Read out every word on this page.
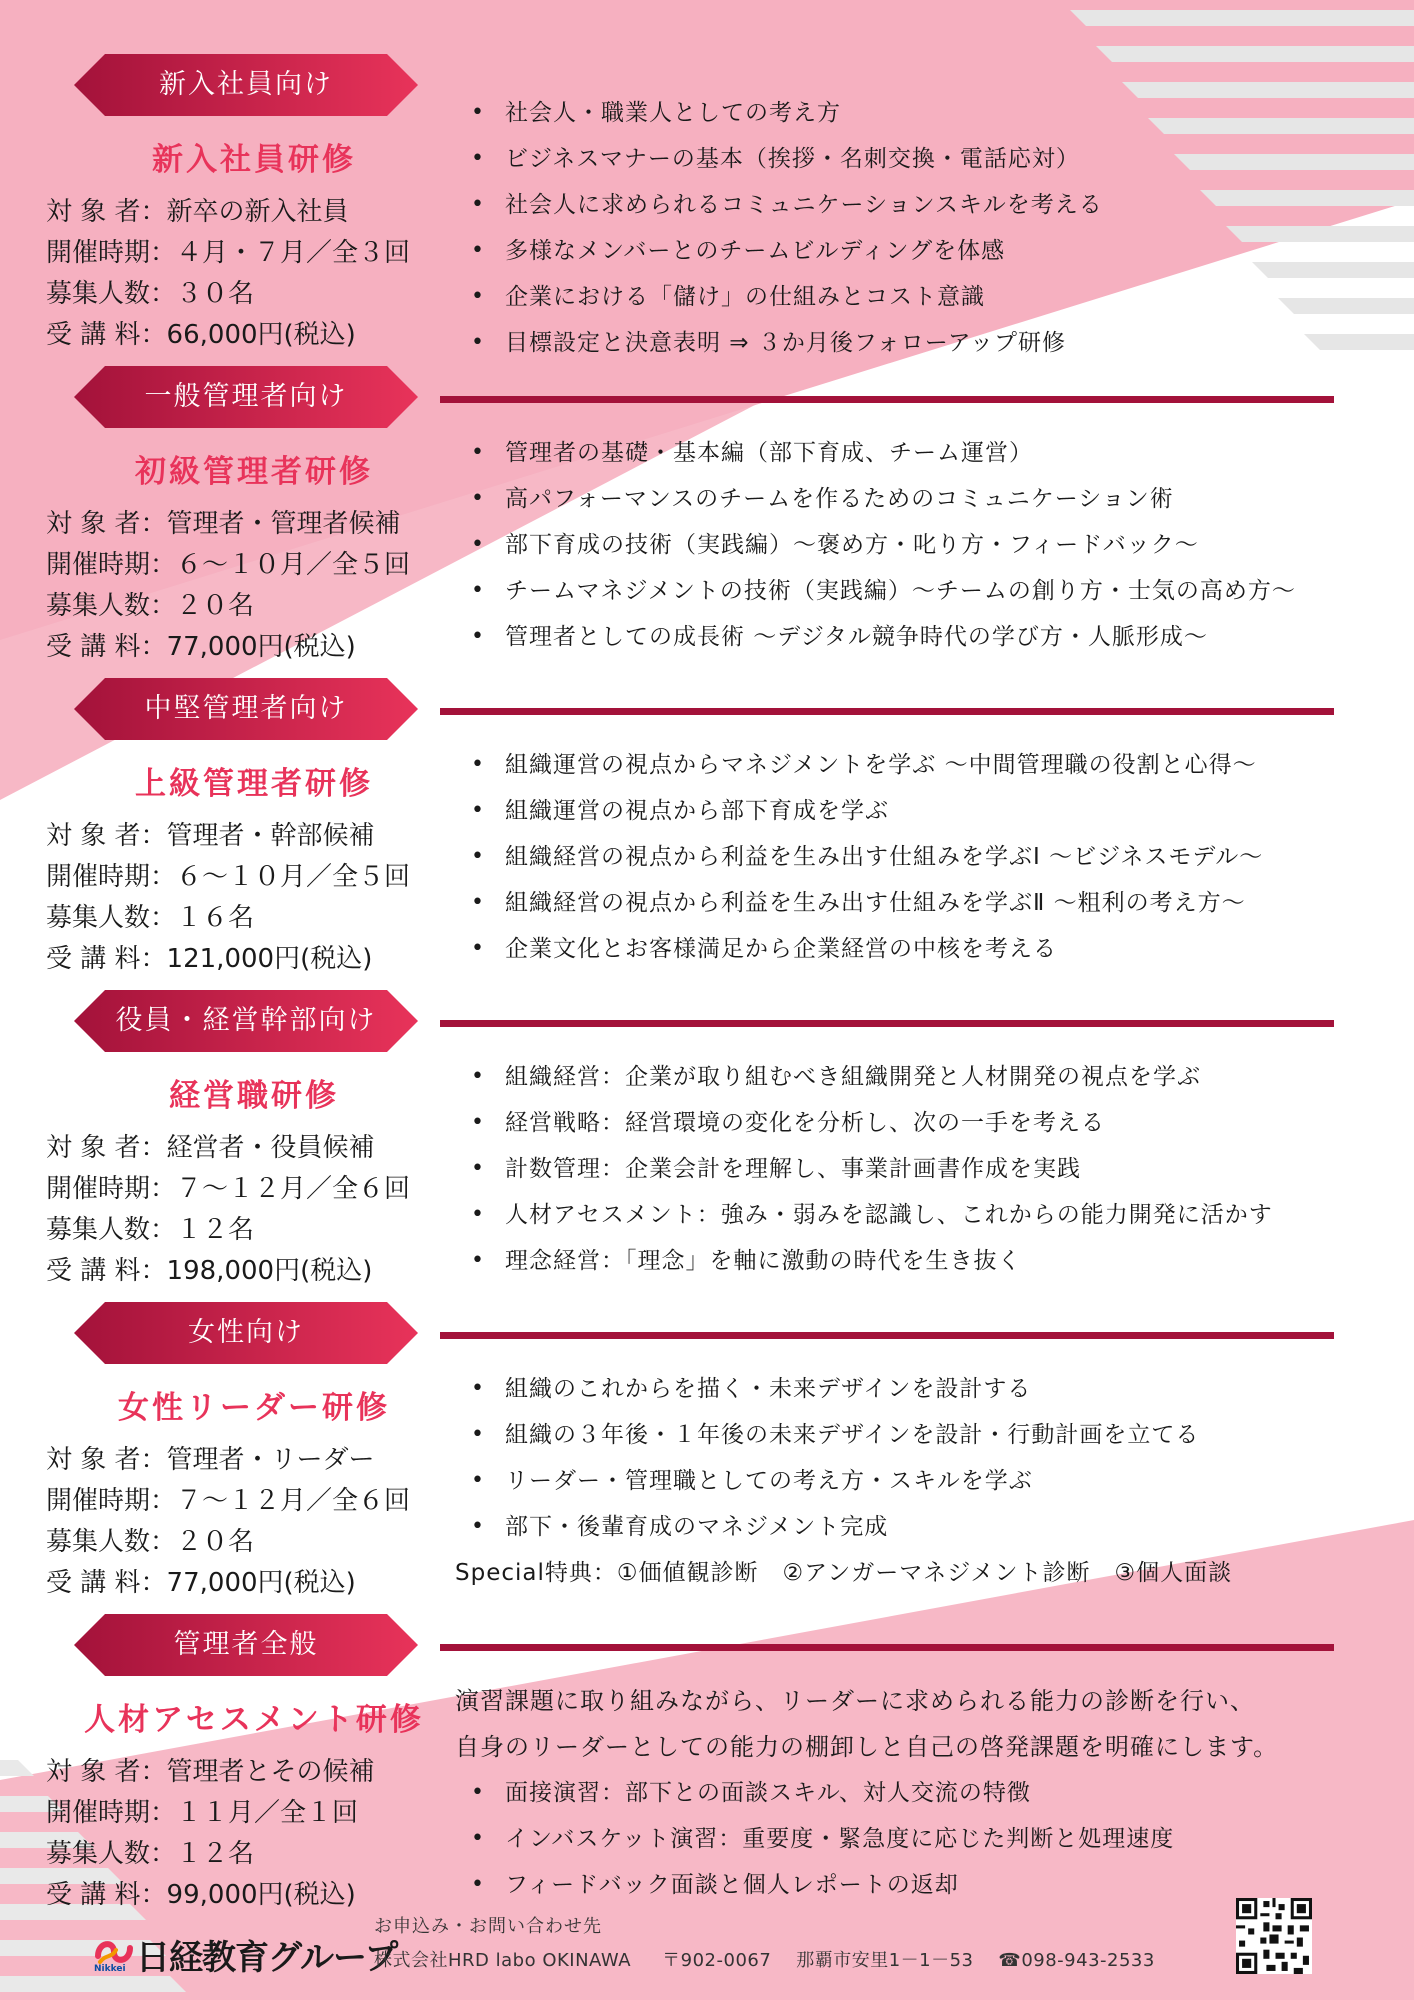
新入社員向け
新入社員研修
対 象 者：新卒の新入社員
開催時期：４月・７月／全３回
募集人数：３０名
受 講 料：66,000円(税込)
• 社会人・職業人としての考え方
• ビジネスマナーの基本（挨拶・名刺交換・電話応対）
• 社会人に求められるコミュニケーションスキルを考える
• 多様なメンバーとのチームビルディングを体感
• 企業における「儲け」の仕組みとコスト意識
• 目標設定と決意表明 ⇒ ３か月後フォローアップ研修
一般管理者向け
初級管理者研修
対 象 者：管理者・管理者候補
開催時期：６～１０月／全５回
募集人数：２０名
受 講 料：77,000円(税込)
• 管理者の基礎・基本編（部下育成、チーム運営）
• 高パフォーマンスのチームを作るためのコミュニケーション術
• 部下育成の技術（実践編）～褒め方・叱り方・フィードバック～
• チームマネジメントの技術（実践編）～チームの創り方・士気の高め方～
• 管理者としての成長術 ～デジタル競争時代の学び方・人脈形成～
中堅管理者向け
上級管理者研修
対 象 者：管理者・幹部候補
開催時期：６～１０月／全５回
募集人数：１６名
受 講 料：121,000円(税込)
• 組織運営の視点からマネジメントを学ぶ ～中間管理職の役割と心得～
• 組織運営の視点から部下育成を学ぶ
• 組織経営の視点から利益を生み出す仕組みを学ぶⅠ ～ビジネスモデル～
• 組織経営の視点から利益を生み出す仕組みを学ぶⅡ ～粗利の考え方～
• 企業文化とお客様満足から企業経営の中核を考える
役員・経営幹部向け
経営職研修
対 象 者：経営者・役員候補
開催時期：７～１２月／全６回
募集人数：１２名
受 講 料：198,000円(税込)
• 組織経営：企業が取り組むべき組織開発と人材開発の視点を学ぶ
• 経営戦略：経営環境の変化を分析し、次の一手を考える
• 計数管理：企業会計を理解し、事業計画書作成を実践
• 人材アセスメント：強み・弱みを認識し、これからの能力開発に活かす
• 理念経営：「理念」を軸に激動の時代を生き抜く
女性向け
女性リーダー研修
対 象 者：管理者・リーダー
開催時期：７～１２月／全６回
募集人数：２０名
受 講 料：77,000円(税込)
• 組織のこれからを描く・未来デザインを設計する
• 組織の３年後・１年後の未来デザインを設計・行動計画を立てる
• リーダー・管理職としての考え方・スキルを学ぶ
• 部下・後輩育成のマネジメント完成
Special特典：①価値観診断　②アンガーマネジメント診断　③個人面談
管理者全般
人材アセスメント研修
対 象 者：管理者とその候補
開催時期：１１月／全１回
募集人数：１２名
受 講 料：99,000円(税込)
演習課題に取り組みながら、リーダーに求められる能力の診断を行い、
自身のリーダーとしての能力の棚卸しと自己の啓発課題を明確にします。
• 面接演習：部下との面談スキル、対人交流の特徴
• インバスケット演習：重要度・緊急度に応じた判断と処理速度
• フィードバック面談と個人レポートの返却
Nikkei 日経教育グループ
お申込み・お問い合わせ先
株式会社HRD labo OKINAWA 〒902-0067 那覇市安里1－1－53 ☎098-943-2533
